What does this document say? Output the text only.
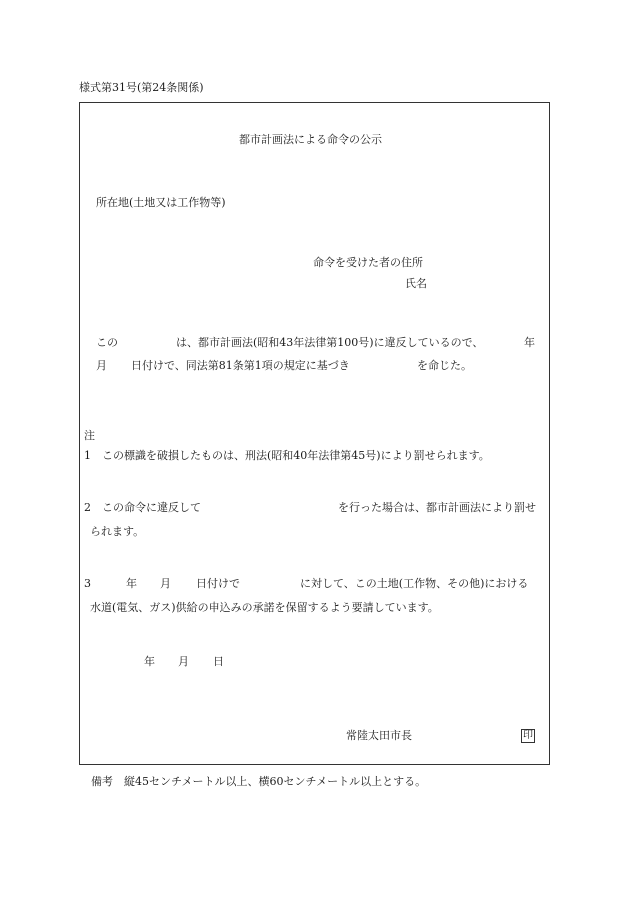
様式第31号(第24条関係)
都市計画法による命令の公示
所在地(土地又は工作物等)
命令を受けた者の住所
氏名
この	は、都市計画法(昭和43年法律第100号)に違反しているので、	年
月 日付けで、同法第81条第1項の規定に基づき	を命じた。
注
1　この標識を破損したものは、刑法(昭和40年法律第45号)により罰せられます。
2　この命令に違反して	を行った場合は、都市計画法により罰せ
られます。
3	年 月 日付けで	に対して、この土地(工作物、その他)における
水道(電気、ガス)供給の申込みの承諾を保留するよう要請しています。
年 月 日
常陸太田市長	印
備考　縦45センチメートル以上、横60センチメートル以上とする。
